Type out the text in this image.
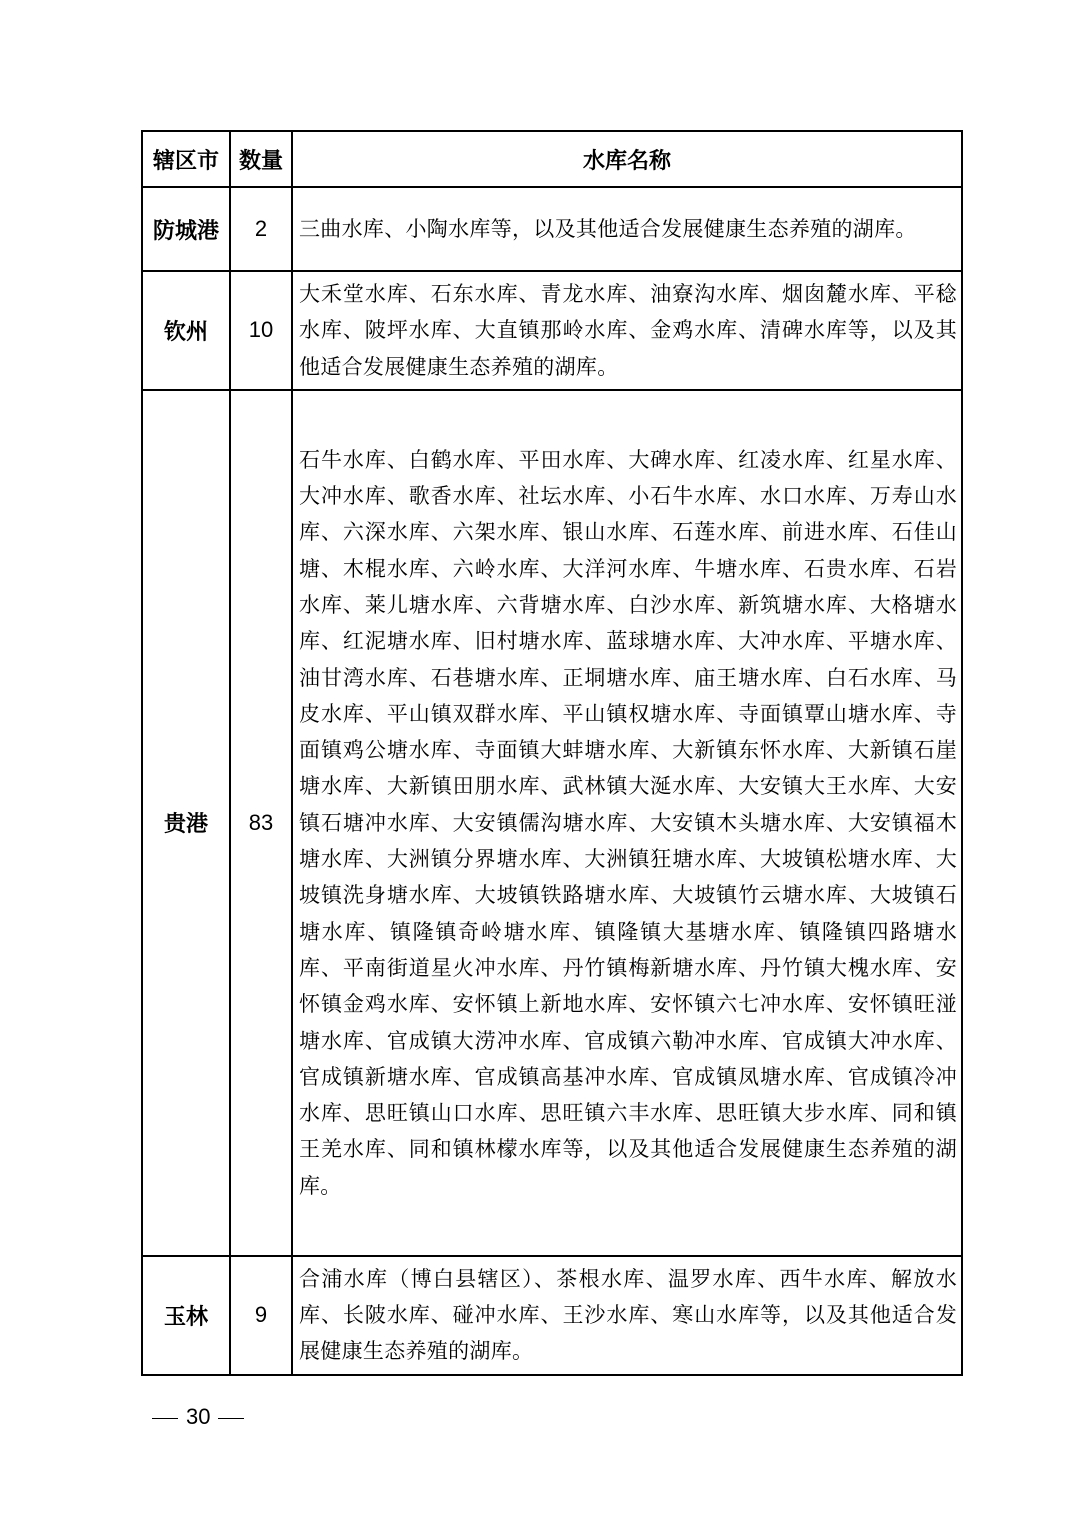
辖区市	数量	水库名称
防城港	2	三曲水库、小陶水库等，以及其他适合发展健康生态养殖的湖库。
钦州	10	大禾堂水库、石东水库、青龙水库、油寮沟水库、烟囱麓水库、平稔水库、陂坪水库、大直镇那岭水库、金鸡水库、清碑水库等，以及其他适合发展健康生态养殖的湖库。
贵港	83	石牛水库、白鹤水库、平田水库、大碑水库、红凌水库、红星水库、大冲水库、歌香水库、社坛水库、小石牛水库、水口水库、万寿山水库、六深水库、六架水库、银山水库、石莲水库、前进水库、石佳山塘、木棍水库、六岭水库、大洋河水库、牛塘水库、石贵水库、石岩水库、莱儿塘水库、六背塘水库、白沙水库、新筑塘水库、大格塘水库、红泥塘水库、旧村塘水库、蓝球塘水库、大冲水库、平塘水库、油甘湾水库、石巷塘水库、正垌塘水库、庙王塘水库、白石水库、马皮水库、平山镇双群水库、平山镇权塘水库、寺面镇覃山塘水库、寺面镇鸡公塘水库、寺面镇大蚌塘水库、大新镇东怀水库、大新镇石崖塘水库、大新镇田朋水库、武林镇大涎水库、大安镇大王水库、大安镇石塘冲水库、大安镇儒沟塘水库、大安镇木头塘水库、大安镇福木塘水库、大洲镇分界塘水库、大洲镇狂塘水库、大坡镇松塘水库、大坡镇洗身塘水库、大坡镇铁路塘水库、大坡镇竹云塘水库、大坡镇石塘水库、镇隆镇奇岭塘水库、镇隆镇大基塘水库、镇隆镇四路塘水库、平南街道星火冲水库、丹竹镇梅新塘水库、丹竹镇大槐水库、安怀镇金鸡水库、安怀镇上新地水库、安怀镇六七冲水库、安怀镇旺湴塘水库、官成镇大涝冲水库、官成镇六勒冲水库、官成镇大冲水库、官成镇新塘水库、官成镇高基冲水库、官成镇凤塘水库、官成镇冷冲水库、思旺镇山口水库、思旺镇六丰水库、思旺镇大步水库、同和镇王羌水库、同和镇林檬水库等，以及其他适合发展健康生态养殖的湖库。
玉林	9	合浦水库（博白县辖区）、茶根水库、温罗水库、西牛水库、解放水库、长陂水库、碰冲水库、王沙水库、寒山水库等，以及其他适合发展健康生态养殖的湖库。
30
